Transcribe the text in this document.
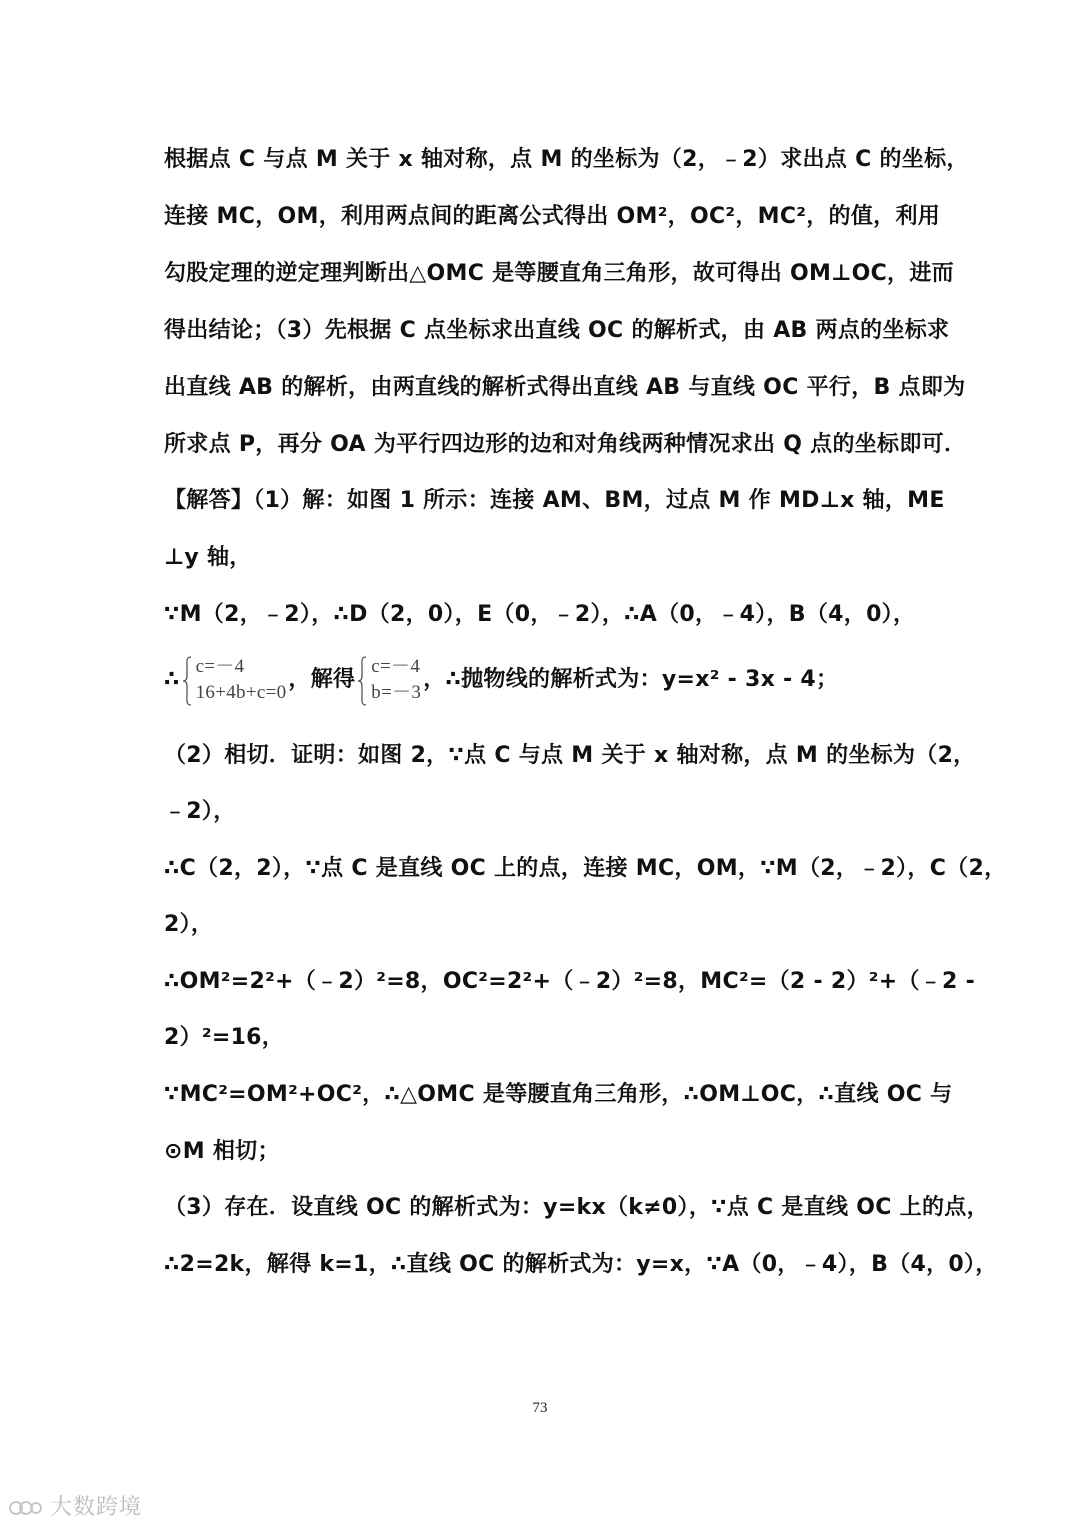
根据点 C 与点 M 关于 x 轴对称，点 M 的坐标为（2，﹣2）求出点 C 的坐标，
连接 MC，OM，利用两点间的距离公式得出 OM²，OC²，MC²，的值，利用
勾股定理的逆定理判断出△OMC 是等腰直角三角形，故可得出 OM⊥OC，进而
得出结论；（3）先根据 C 点坐标求出直线 OC 的解析式，由 AB 两点的坐标求
出直线 AB 的解析，由两直线的解析式得出直线 AB 与直线 OC 平行，B 点即为
所求点 P，再分 OA 为平行四边形的边和对角线两种情况求出 Q 点的坐标即可．
【解答】（1）解：如图 1 所示：连接 AM、BM，过点 M 作 MD⊥x 轴，ME
⊥y 轴，
∵M（2，﹣2），∴D（2，0），E（0，﹣2），∴A（0，﹣4），B（4，0），
∴
c=－4
16+4b+c=0
，解得
c=－4
b=－3
，∴抛物线的解析式为：y=x² - 3x - 4；
（2）相切．证明：如图 2，∵点 C 与点 M 关于 x 轴对称，点 M 的坐标为（2，
﹣2），
∴C（2，2），∵点 C 是直线 OC 上的点，连接 MC，OM，∵M（2，﹣2），C（2，
2），
∴OM²=2²+（﹣2）²=8，OC²=2²+（﹣2）²=8，MC²=（2 - 2）²+（﹣2 -
2）²=16，
∵MC²=OM²+OC²，∴△OMC 是等腰直角三角形，∴OM⊥OC，∴直线 OC 与
⊙M 相切；
（3）存在．设直线 OC 的解析式为：y=kx（k≠0），∵点 C 是直线 OC 上的点，
∴2=2k，解得 k=1，∴直线 OC 的解析式为：y=x，∵A（0，﹣4），B（4，0），
73
大数跨境
